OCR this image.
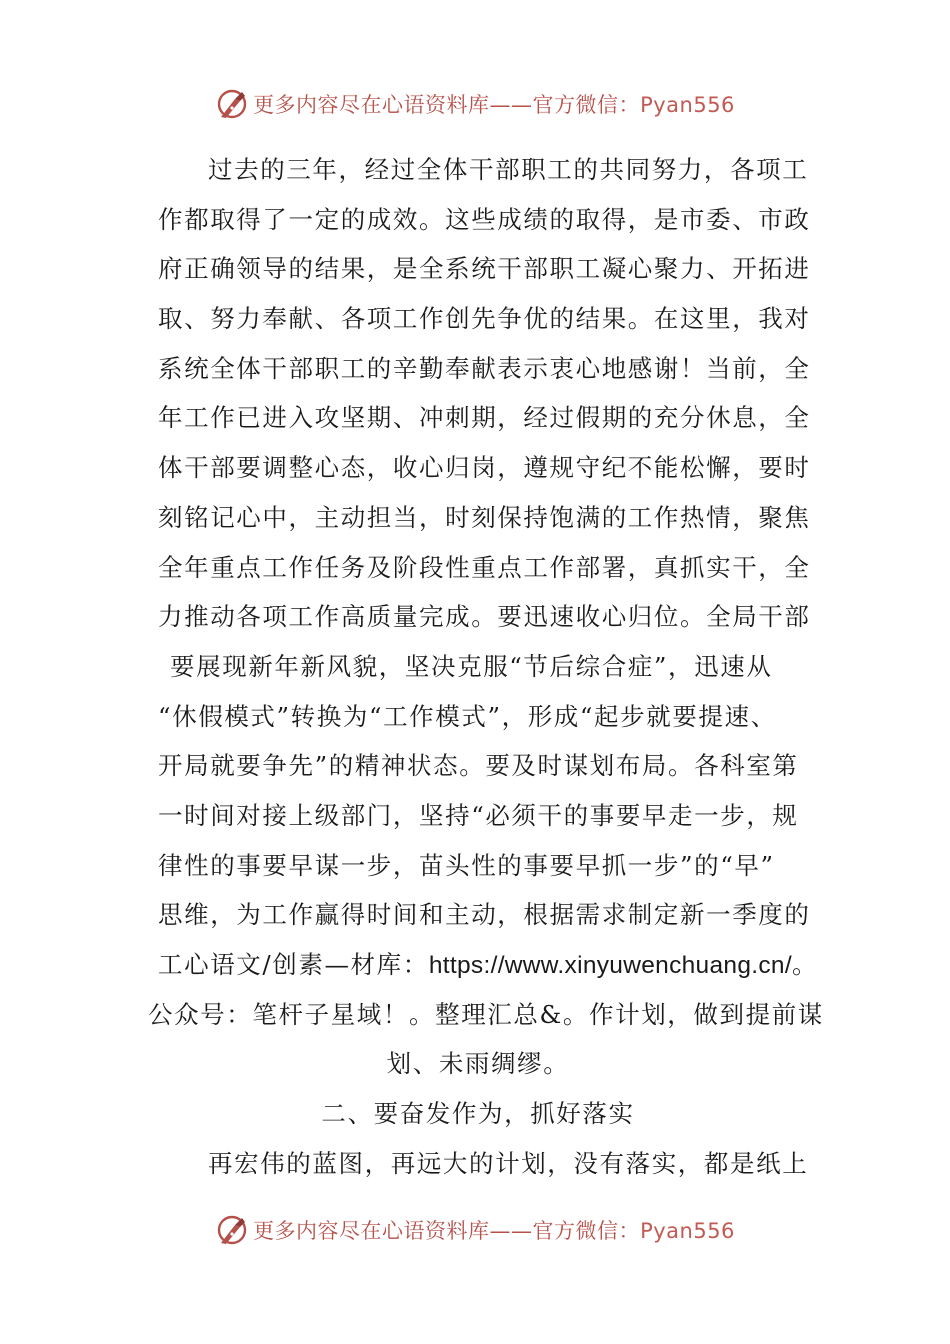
更多内容尽在心语资料库——官方微信：Pyan556
过去的三年，经过全体干部职工的共同努力，各项工
作都取得了一定的成效。这些成绩的取得，是市委、市政
府正确领导的结果，是全系统干部职工凝心聚力、开拓进
取、努力奉献、各项工作创先争优的结果。在这里，我对
系统全体干部职工的辛勤奉献表示衷心地感谢！当前，全
年工作已进入攻坚期、冲刺期，经过假期的充分休息，全
体干部要调整心态，收心归岗，遵规守纪不能松懈，要时
刻铭记心中，主动担当，时刻保持饱满的工作热情，聚焦
全年重点工作任务及阶段性重点工作部署，真抓实干，全
力推动各项工作高质量完成。要迅速收心归位。全局干部
要展现新年新风貌，坚决克服“节后综合症”，迅速从
“休假模式”转换为“工作模式”，形成“起步就要提速、
开局就要争先”的精神状态。要及时谋划布局。各科室第
一时间对接上级部门，坚持“必须干的事要早走一步，规
律性的事要早谋一步，苗头性的事要早抓一步”的“早”
思维，为工作赢得时间和主动，根据需求制定新一季度的
工心语文/创素—材库：https://www.xinyuwenchuang.cn/。
公众号：笔杆子星域！。整理汇总&。作计划，做到提前谋
划、未雨绸缪。
二、要奋发作为，抓好落实
再宏伟的蓝图，再远大的计划，没有落实，都是纸上
更多内容尽在心语资料库——官方微信：Pyan556
